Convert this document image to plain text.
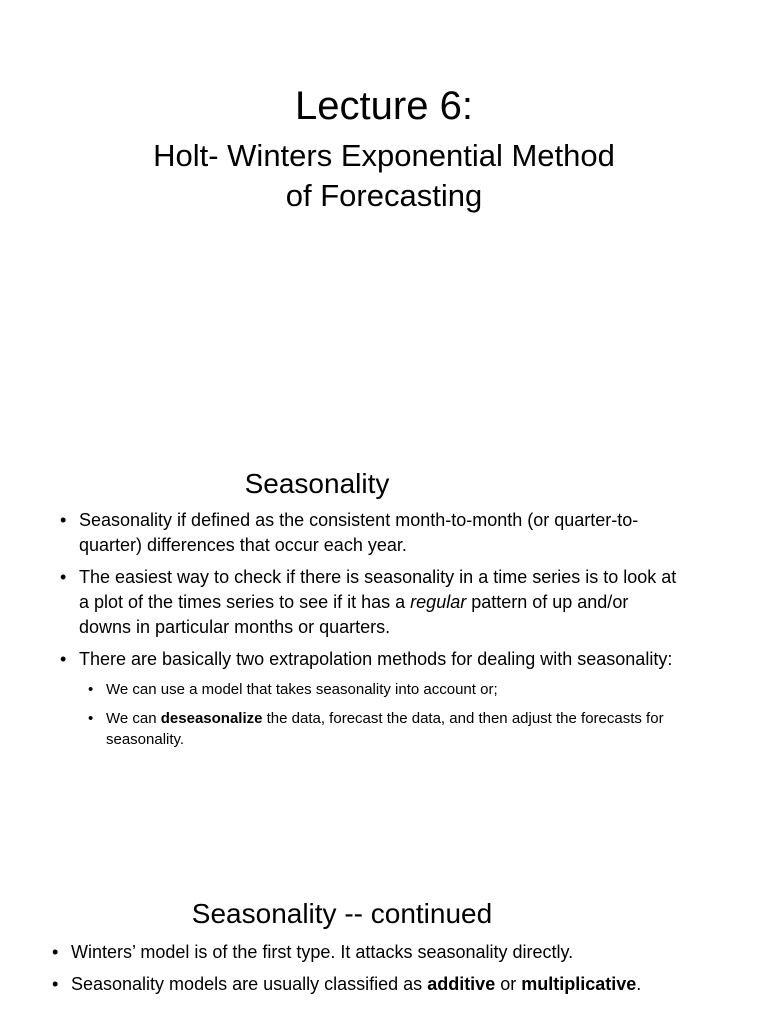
Lecture 6:
Holt- Winters Exponential Method
of Forecasting
Seasonality
• Seasonality if defined as the consistent month-to-month (or quarter-to-quarter) differences that occur each year.
• The easiest way to check if there is seasonality in a time series is to look at a plot of the times series to see if it has a regular pattern of up and/or downs in particular months or quarters.
• There are basically two extrapolation methods for dealing with seasonality:
• We can use a model that takes seasonality into account or;
• We can deseasonalize the data, forecast the data, and then adjust the forecasts for seasonality.
Seasonality -- continued
• Winters’ model is of the first type. It attacks seasonality directly.
• Seasonality models are usually classified as additive or multiplicative.
